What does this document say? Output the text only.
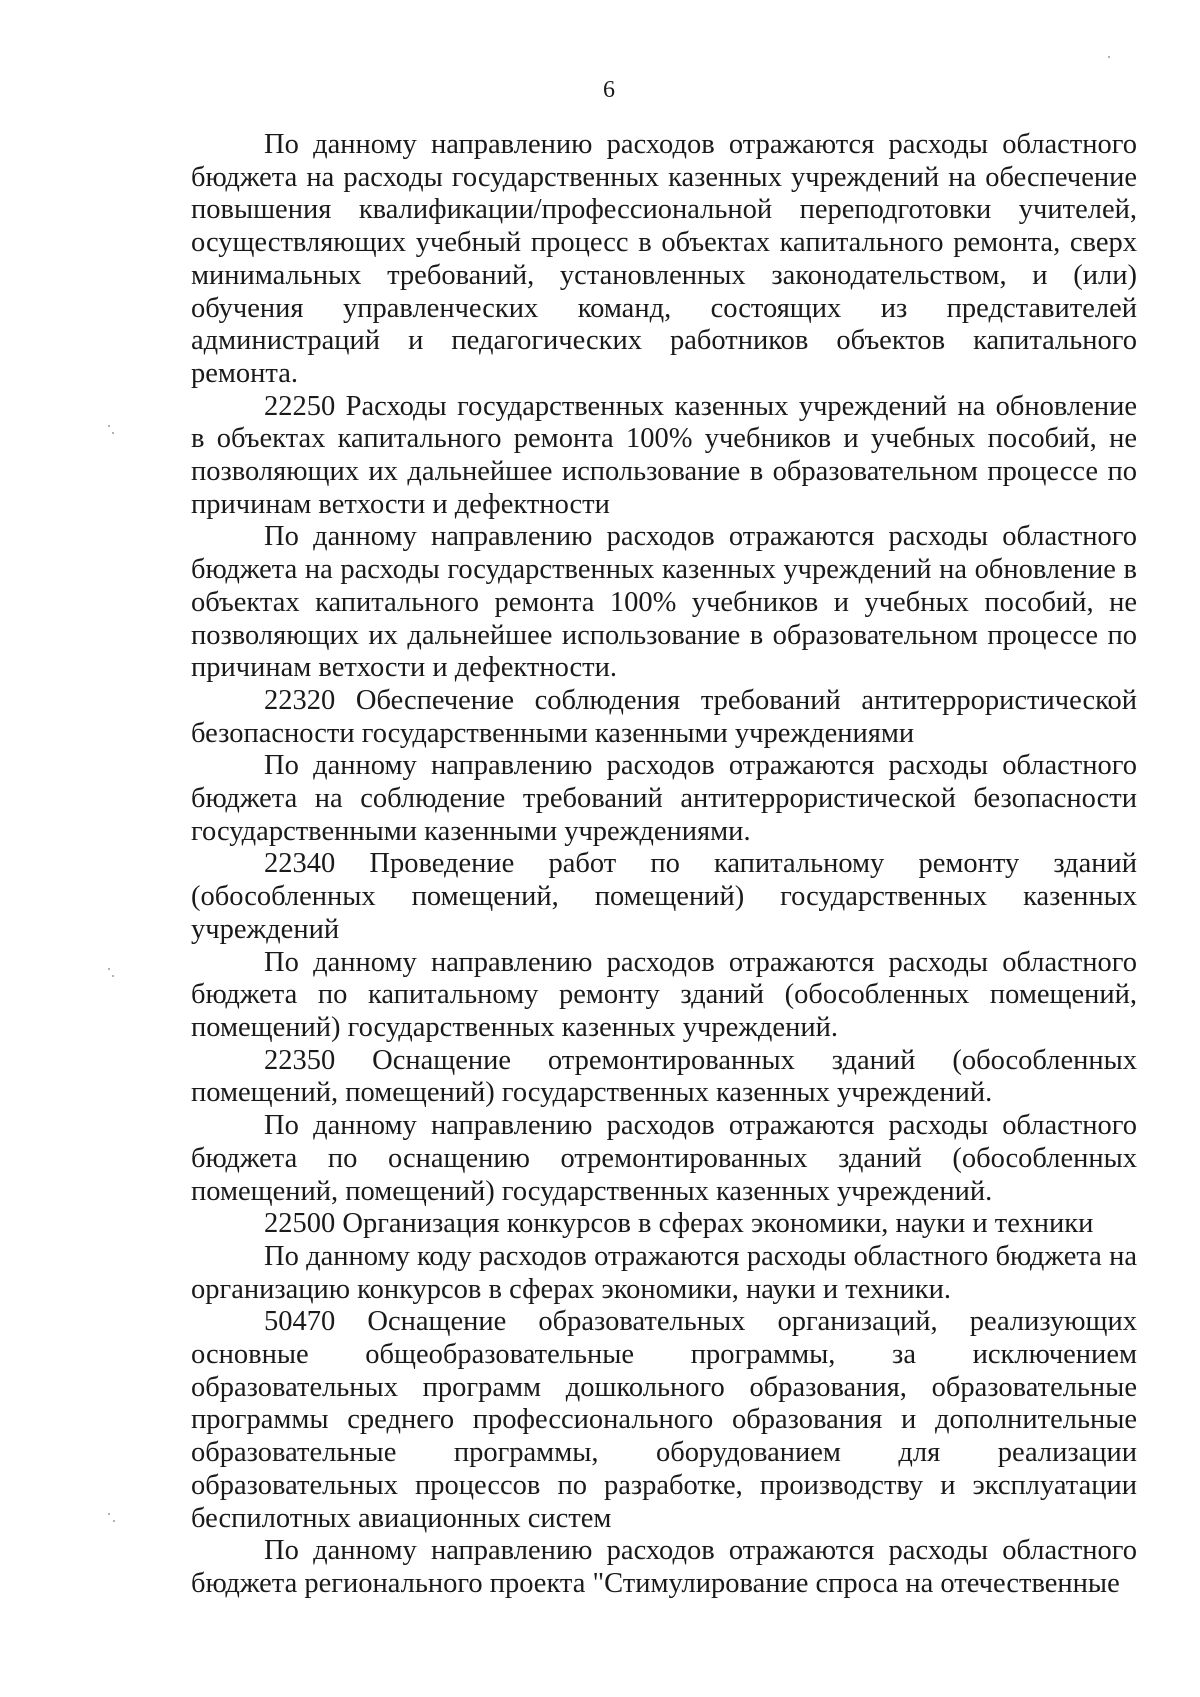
6

По данному направлению расходов отражаются расходы областного бюджета на расходы государственных казенных учреждений на обеспечение повышения квалификации/профессиональной переподготовки учителей, осуществляющих учебный процесс в объектах капитального ремонта, сверх минимальных требований, установленных законодательством, и (или) обучения управленческих команд, состоящих из представителей администраций и педагогических работников объектов капитального ремонта.

22250 Расходы государственных казенных учреждений на обновление в объектах капитального ремонта 100% учебников и учебных пособий, не позволяющих их дальнейшее использование в образовательном процессе по причинам ветхости и дефектности

По данному направлению расходов отражаются расходы областного бюджета на расходы государственных казенных учреждений на обновление в объектах капитального ремонта 100% учебников и учебных пособий, не позволяющих их дальнейшее использование в образовательном процессе по причинам ветхости и дефектности.

22320 Обеспечение соблюдения требований антитеррористической безопасности государственными казенными учреждениями

По данному направлению расходов отражаются расходы областного бюджета на соблюдение требований антитеррористической безопасности государственными казенными учреждениями.

22340 Проведение работ по капитальному ремонту зданий (обособленных помещений, помещений) государственных казенных учреждений

По данному направлению расходов отражаются расходы областного бюджета по капитальному ремонту зданий (обособленных помещений, помещений) государственных казенных учреждений.

22350 Оснащение отремонтированных зданий (обособленных помещений, помещений) государственных казенных учреждений.

По данному направлению расходов отражаются расходы областного бюджета по оснащению отремонтированных зданий (обособленных помещений, помещений) государственных казенных учреждений.

22500 Организация конкурсов в сферах экономики, науки и техники

По данному коду расходов отражаются расходы областного бюджета на организацию конкурсов в сферах экономики, науки и техники.

50470 Оснащение образовательных организаций, реализующих основные общеобразовательные программы, за исключением образовательных программ дошкольного образования, образовательные программы среднего профессионального образования и дополнительные образовательные программы, оборудованием для реализации образовательных процессов по разработке, производству и эксплуатации беспилотных авиационных систем

По данному направлению расходов отражаются расходы областного бюджета регионального проекта "Стимулирование спроса на отечественные
